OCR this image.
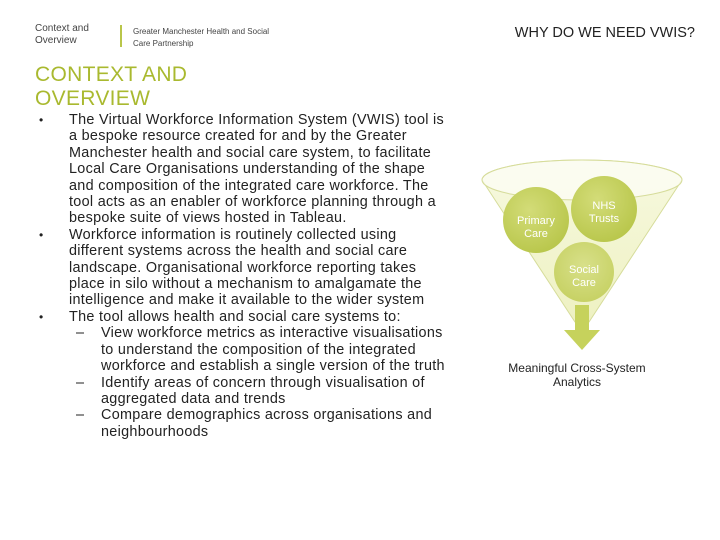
Context and Overview
Greater Manchester Health and Social Care Partnership
WHY DO WE NEED VWIS?
CONTEXT AND OVERVIEW
• The Virtual Workforce Information System (VWIS) tool is a bespoke resource created for and by the Greater Manchester health and social care system, to facilitate Local Care Organisations understanding of the shape and composition of the integrated care workforce. The tool acts as an enabler of workforce planning through a bespoke suite of views hosted in Tableau.
• Workforce information is routinely collected using different systems across the health and social care landscape. Organisational workforce reporting takes place in silo without a mechanism to amalgamate the intelligence and make it available to the wider system
• The tool allows health and social care systems to:
– View workforce metrics as interactive visualisations to understand the composition of the integrated workforce and establish a single version of the truth
– Identify areas of concern through visualisation of aggregated data and trends
– Compare demographics across organisations and neighbourhoods
Primary
Care
NHS
Trusts
Social
Care
Meaningful Cross-System
Analytics
